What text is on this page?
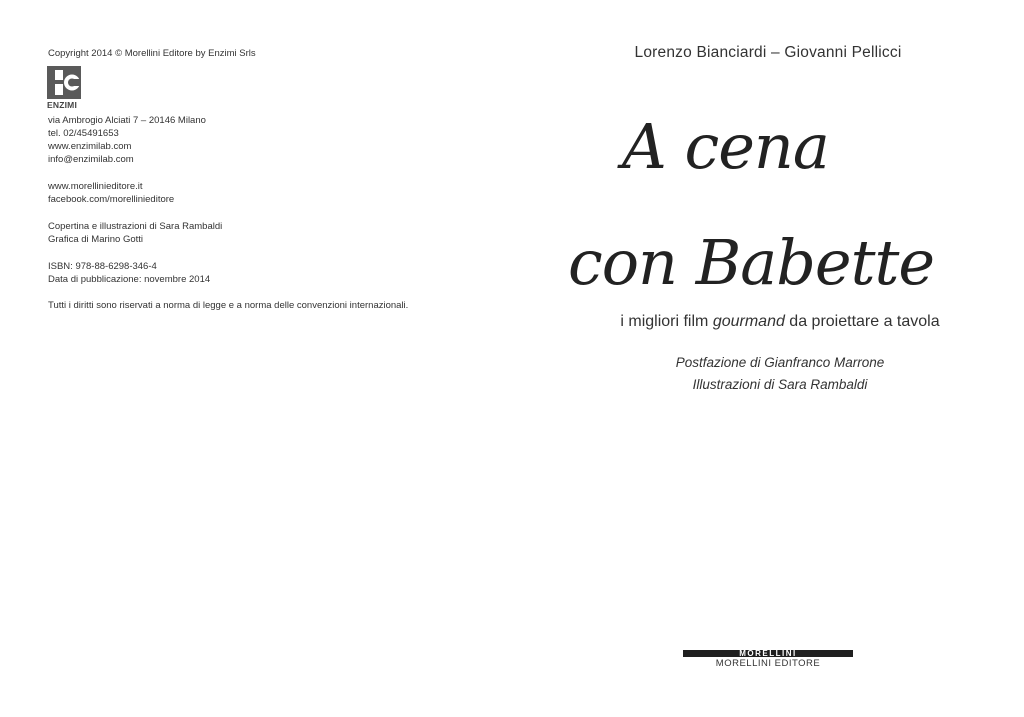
Copyright 2014 © Morellini Editore by Enzimi Srls
ENZIMI
via Ambrogio Alciati 7 – 20146 Milano
tel. 02/45491653
www.enzimilab.com
info@enzimilab.com
www.morellinieditore.it
facebook.com/morellinieditore
Copertina e illustrazioni di Sara Rambaldi
Grafica di Marino Gotti
ISBN: 978-88-6298-346-4
Data di pubblicazione: novembre 2014
Tutti i diritti sono riservati a norma di legge e a norma delle convenzioni internazionali.
Lorenzo Bianciardi – Giovanni Pellicci
A cena
con Babette
i migliori film gourmand da proiettare a tavola
Postfazione di Gianfranco Marrone
Illustrazioni di Sara Rambaldi
MORELLINI
MORELLINI EDITORE
